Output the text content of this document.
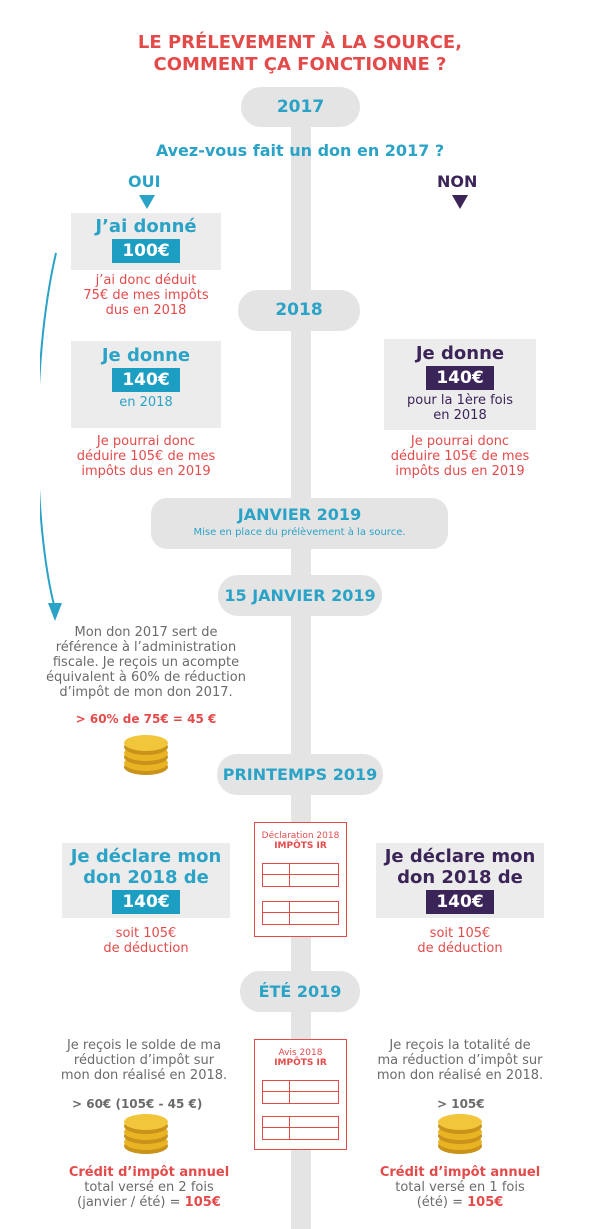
LE PRÉLEVEMENT À LA SOURCE,
COMMENT ÇA FONCTIONNE ?
2017
Avez-vous fait un don en 2017 ?
OUI	NON
J’ai donné
100€
j’ai donc déduit
75€ de mes impôts
dus en 2018	2018
Je donne
140€
en 2018
Je pourrai donc
déduire 105€ de mes
impôts dus en 2019
Je donne
140€
pour la 1ère fois
en 2018
Je pourrai donc
déduire 105€ de mes
impôts dus en 2019
JANVIER 2019
Mise en place du prélèvement à la source.
15 JANVIER 2019
Mon don 2017 sert de
référence à l’administration
fiscale. Je reçois un acompte
équivalent à 60% de réduction
d’impôt de mon don 2017.
> 60% de 75€ = 45 €
PRINTEMPS 2019
Déclaration 2018
IMPÔTS IR
Je déclare mon
don 2018 de
140€
soit 105€
de déduction
Je déclare mon
don 2018 de
140€
soit 105€
de déduction
ÉTÉ 2019
Avis 2018
IMPÔTS IR
Je reçois le solde de ma
réduction d’impôt sur
mon don réalisé en 2018.
> 60€ (105€ - 45 €)
Crédit d’impôt annuel
total versé en 2 fois
(janvier / été) = 105€
Je reçois la totalité de
ma réduction d’impôt sur
mon don réalisé en 2018.
> 105€
Crédit d’impôt annuel
total versé en 1 fois
(été) = 105€
